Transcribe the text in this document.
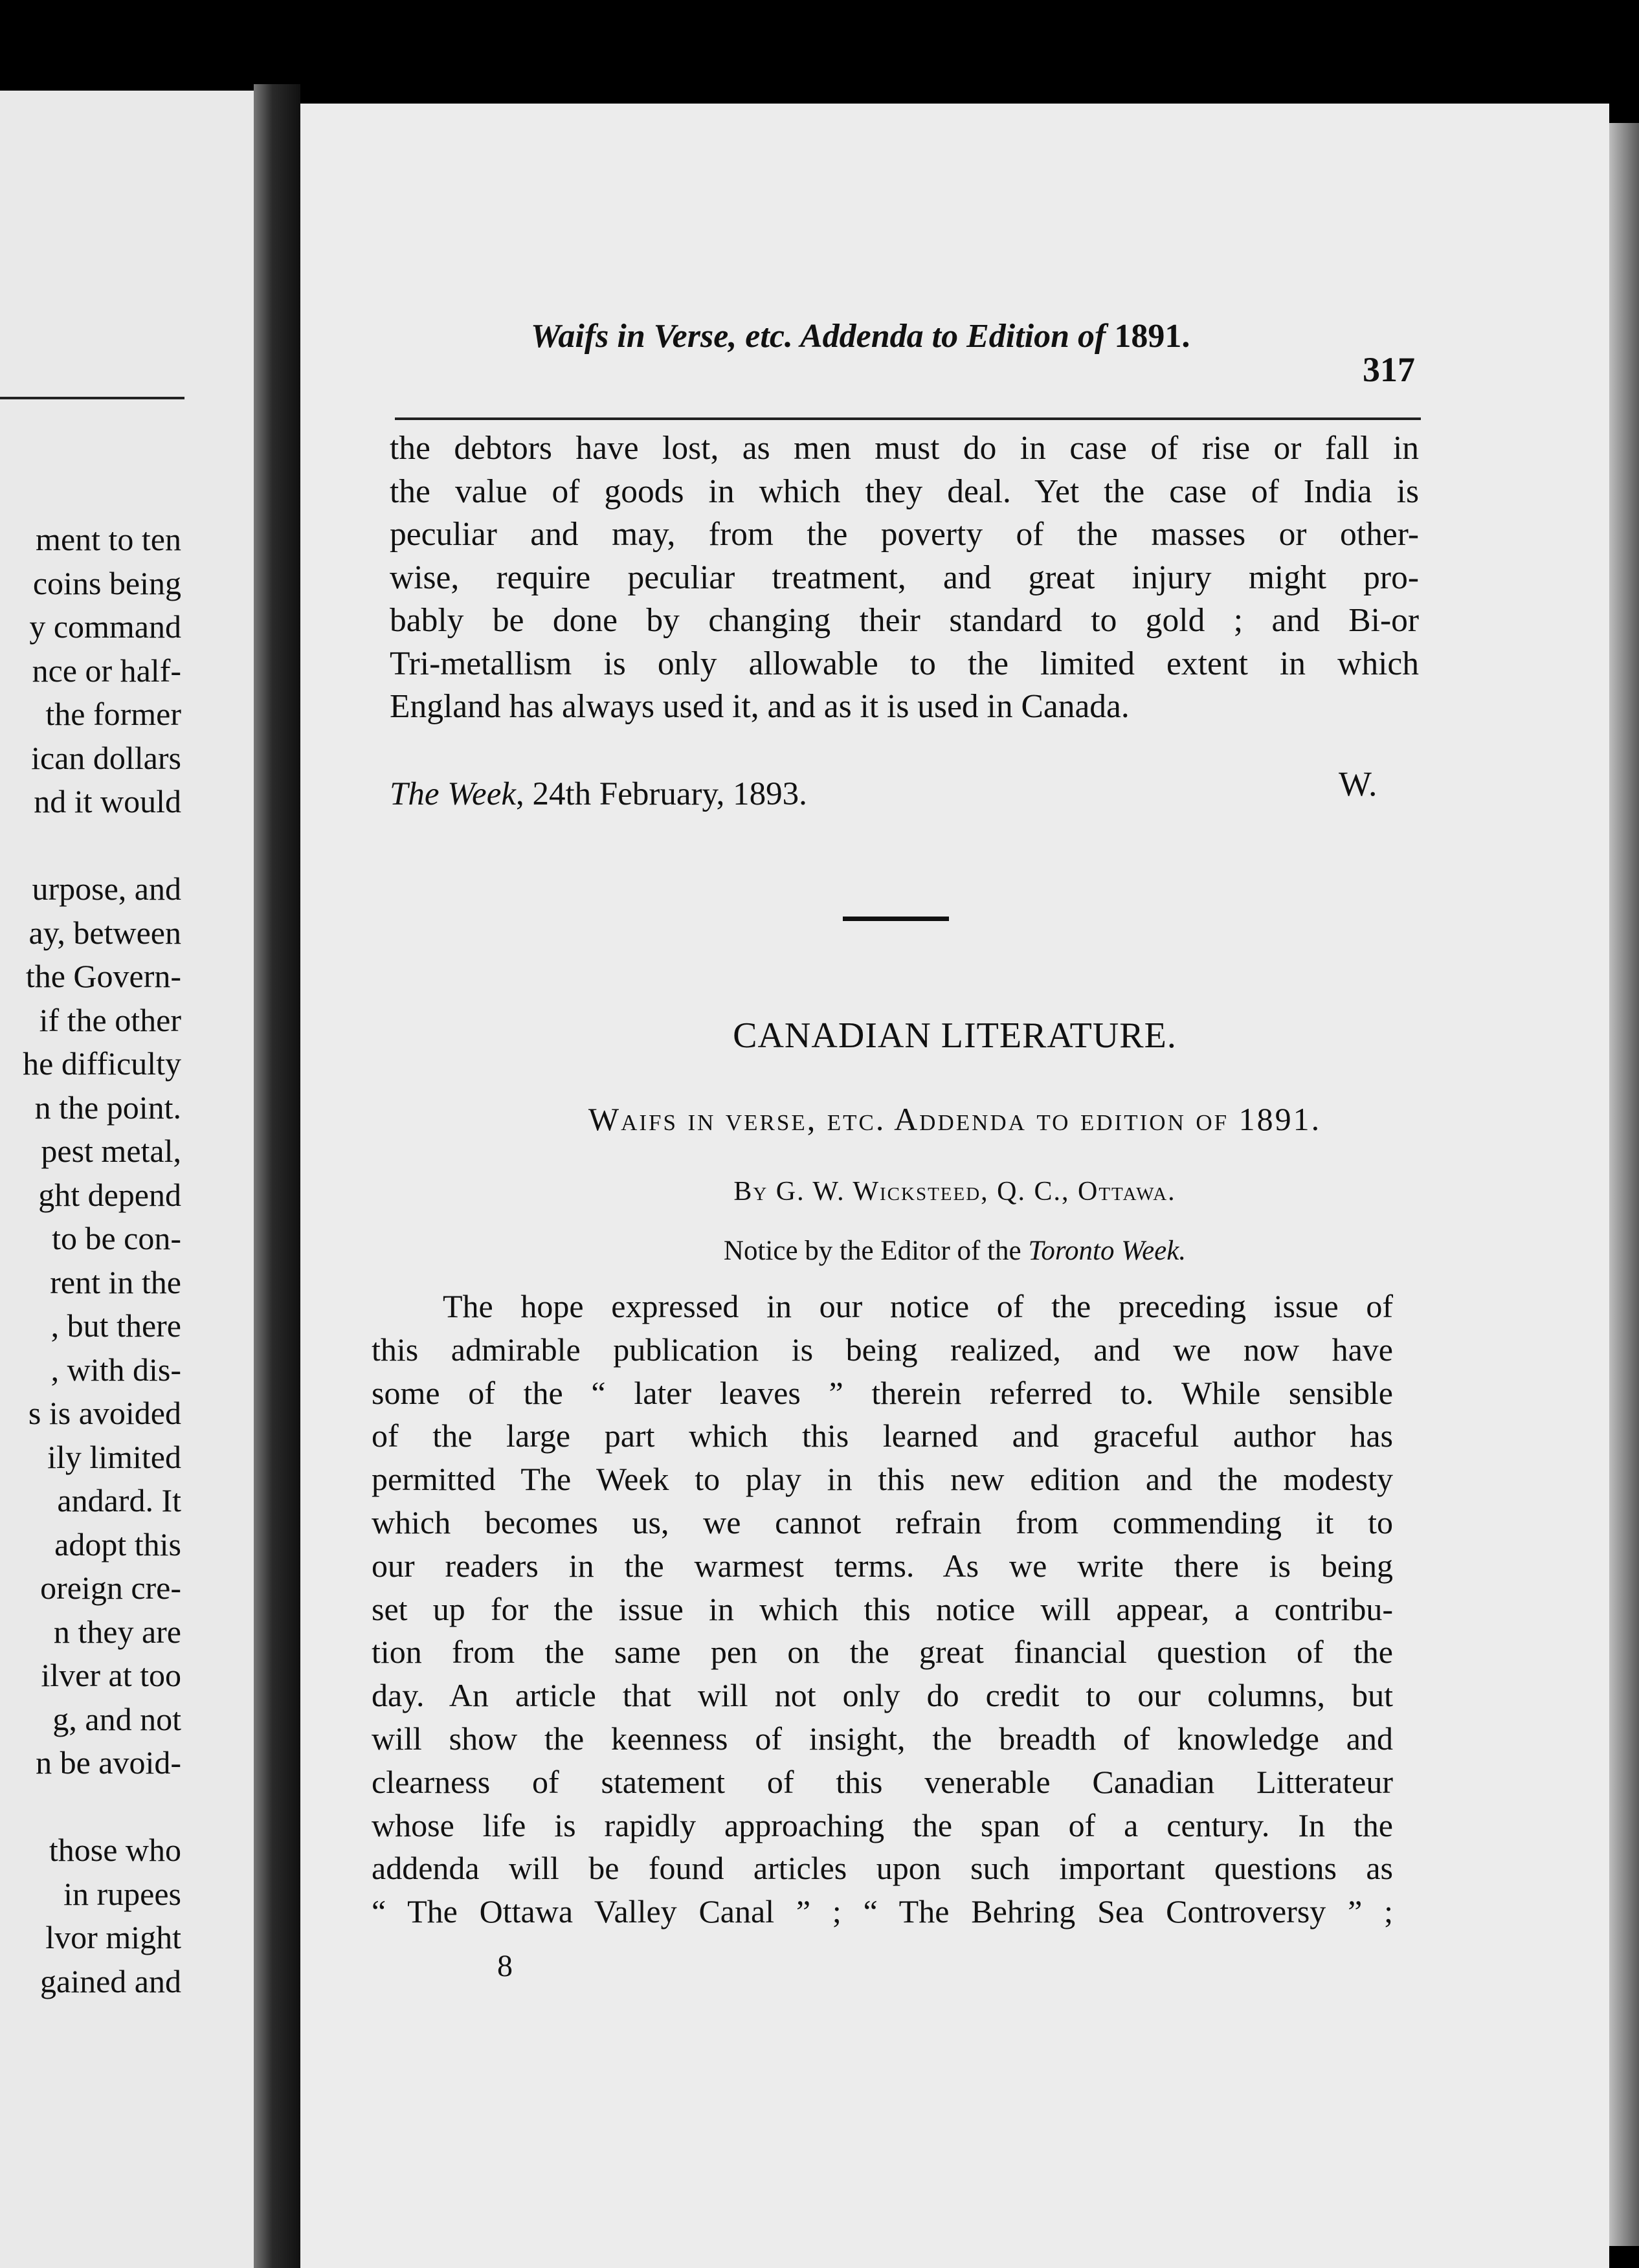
ment to ten
coins being
y command
nce or half-
the former
ican dollars
nd it would

urpose, and
ay, between
the Govern-
if the other
he difficulty
n the point.
pest metal,
ght depend
to be con-
rent in the
, but there
, with dis-
s is avoided
ily limited
andard. It
adopt this
oreign cre-
n they are
ilver at too
g, and not
n be avoid-

those who
in rupees
lvor might
gained and
Waifs in Verse, etc. Addenda to Edition of 1891.
317
the debtors have lost, as men must do in case of rise or fall in
the value of goods in which they deal. Yet the case of India is
peculiar and may, from the poverty of the masses or other-
wise, require peculiar treatment, and great injury might pro-
bably be done by changing their standard to gold ; and Bi-or
Tri-metallism is only allowable to the limited extent in which
England has always used it, and as it is used in Canada.
The Week, 24th February, 1893.	W.
CANADIAN LITERATURE.
Waifs in verse, etc. Addenda to edition of 1891.
By G. W. Wicksteed, Q. C., Ottawa.
Notice by the Editor of the Toronto Week.
The hope expressed in our notice of the preceding issue of
this admirable publication is being realized, and we now have
some of the “ later leaves ” therein referred to. While sensible
of the large part which this learned and graceful author has
permitted The Week to play in this new edition and the modesty
which becomes us, we cannot refrain from commending it to
our readers in the warmest terms. As we write there is being
set up for the issue in which this notice will appear, a contribu-
tion from the same pen on the great financial question of the
day. An article that will not only do credit to our columns, but
will show the keenness of insight, the breadth of knowledge and
clearness of statement of this venerable Canadian Litterateur
whose life is rapidly approaching the span of a century. In the
addenda will be found articles upon such important questions as
“ The Ottawa Valley Canal ” ; “ The Behring Sea Controversy ” ;
8
